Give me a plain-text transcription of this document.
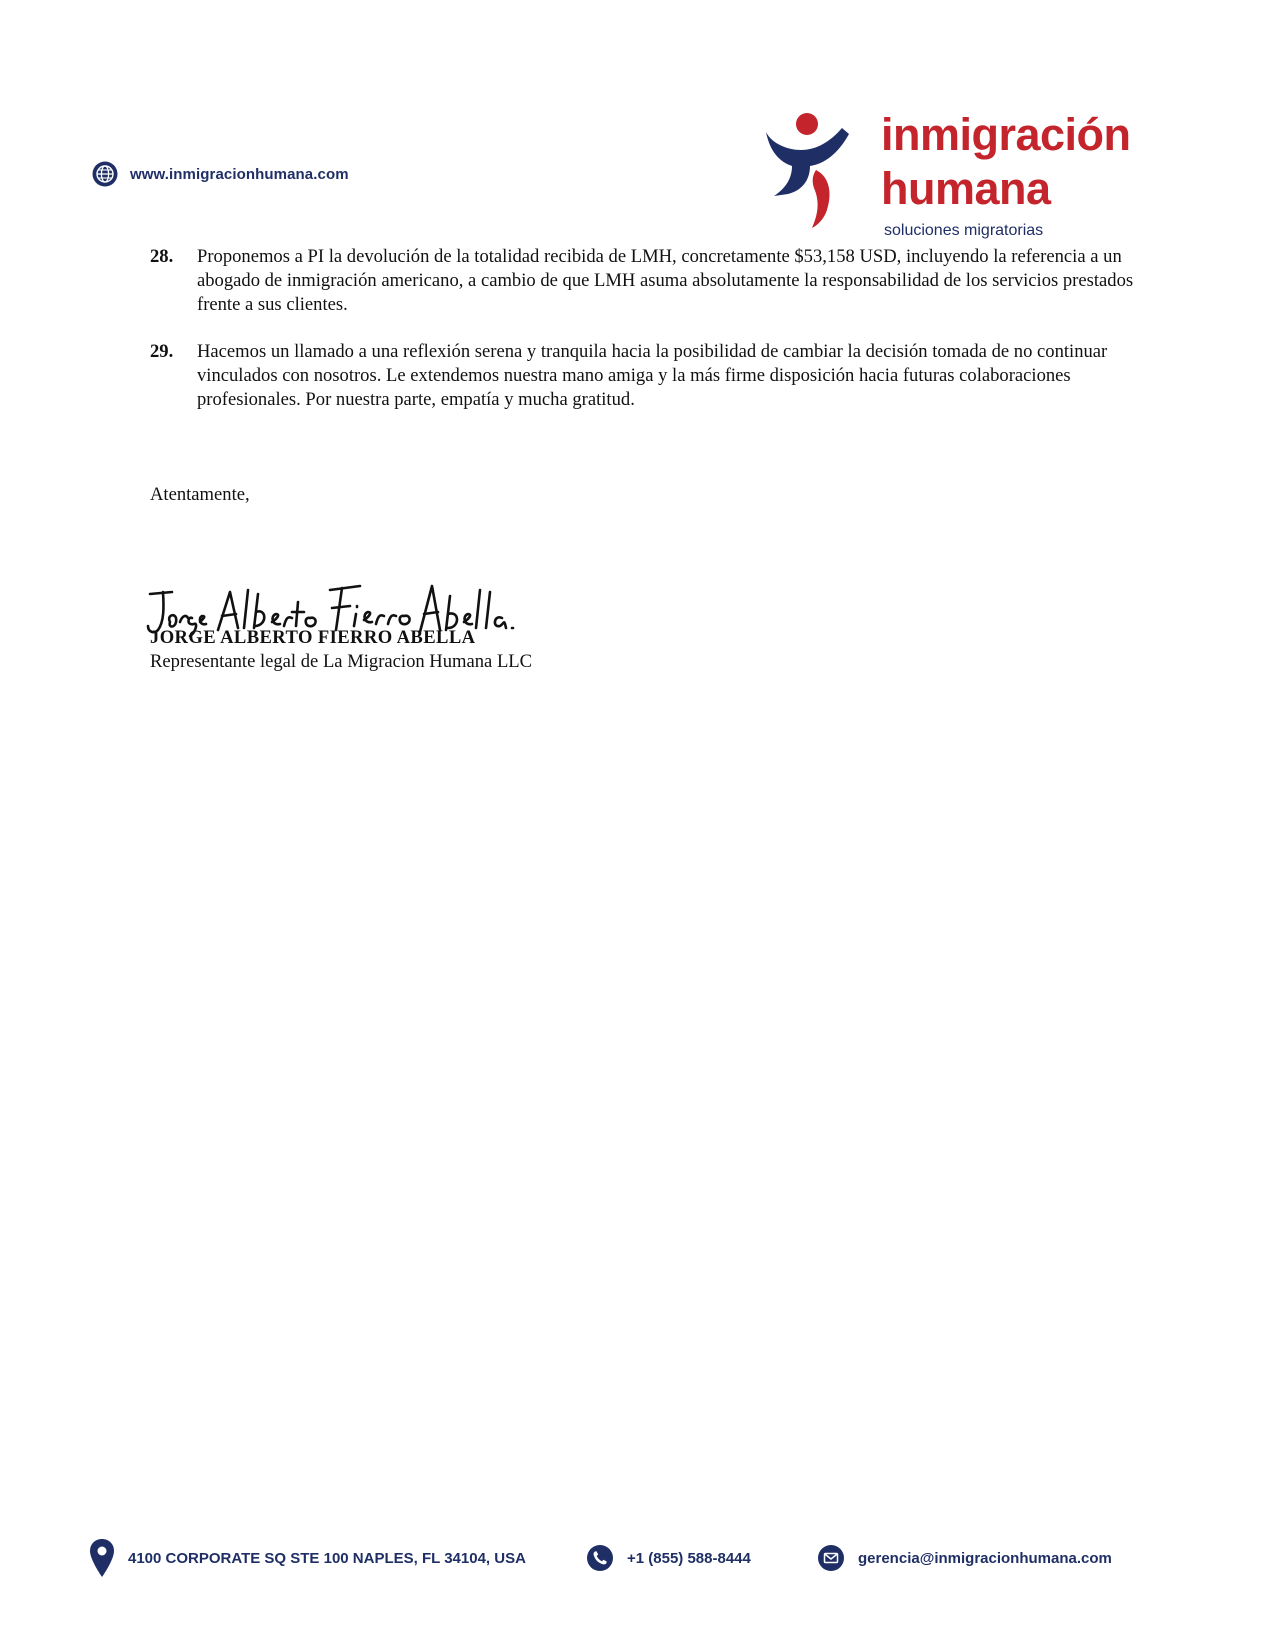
www.inmigracionhumana.com
inmigración
humana
soluciones migratorias
28.	Proponemos a PI la devolución de la totalidad recibida de LMH, concretamente $53,158 USD, incluyendo la referencia a un abogado de inmigración americano, a cambio de que LMH asuma absolutamente la responsabilidad de los servicios prestados frente a sus clientes.
29.	Hacemos un llamado a una reflexión serena y tranquila hacia la posibilidad de cambiar la decisión tomada de no continuar vinculados con nosotros. Le extendemos nuestra mano amiga y la más firme disposición hacia futuras colaboraciones profesionales. Por nuestra parte, empatía y mucha gratitud.
Atentamente,
JORGE ALBERTO FIERRO ABELLA
Representante legal de La Migracion Humana LLC
4100 CORPORATE SQ STE 100 NAPLES, FL 34104, USA	+1 (855) 588-8444	gerencia@inmigracionhumana.com
